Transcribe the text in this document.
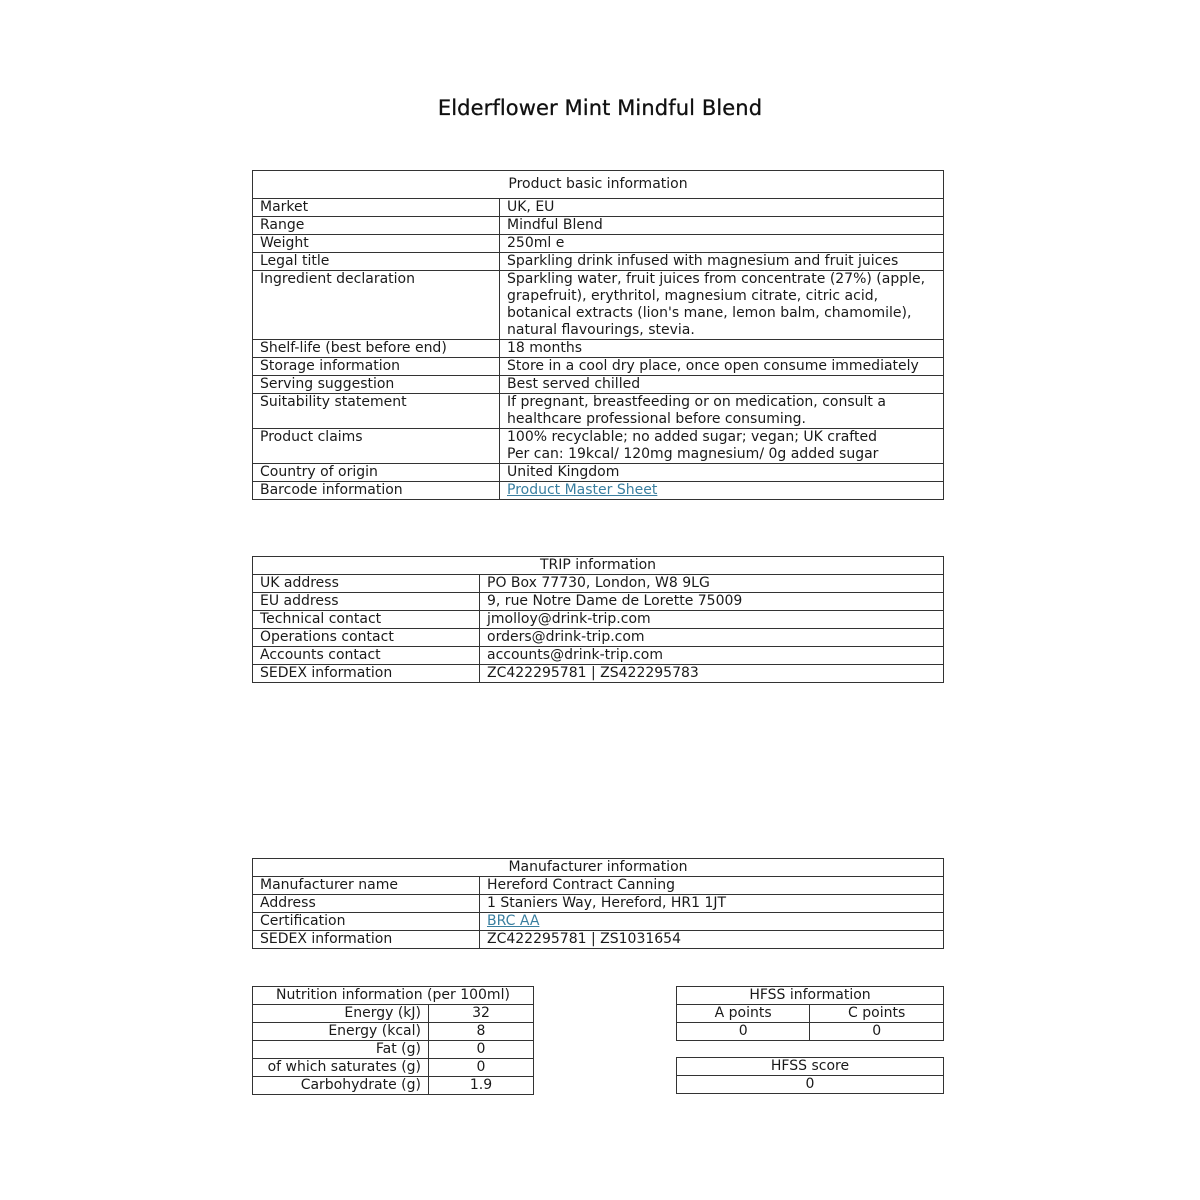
Elderflower Mint Mindful Blend
Product basic information	
Market	UK, EU
Range	Mindful Blend
Weight	250ml e
Legal title	Sparkling drink infused with magnesium and fruit juices
Ingredient declaration	Sparkling water, fruit juices from concentrate (27%) (apple, grapefruit), erythritol, magnesium citrate, citric acid, botanical extracts (lion's mane, lemon balm, chamomile), natural flavourings, stevia.
Shelf-life (best before end)	18 months
Storage information	Store in a cool dry place, once open consume immediately
Serving suggestion	Best served chilled
Suitability statement	If pregnant, breastfeeding or on medication, consult a healthcare professional before consuming.
Product claims	100% recyclable; no added sugar; vegan; UK crafted
Per can: 19kcal/ 120mg magnesium/ 0g added sugar

Country of origin	United Kingdom
Barcode information	Product Master Sheet
TRIP information	
UK address	PO Box 77730, London, W8 9LG
EU address	9, rue Notre Dame de Lorette 75009
Technical contact	jmolloy@drink-trip.com
Operations contact	orders@drink-trip.com
Accounts contact	accounts@drink-trip.com
SEDEX information	ZC422295781 | ZS422295783
Manufacturer information	
Manufacturer name	Hereford Contract Canning
Address	1 Staniers Way, Hereford, HR1 1JT
Certification	BRC AA
SEDEX information	ZC422295781 | ZS1031654
Nutrition information (per 100ml)	
Energy (kJ)	32
Energy (kcal)	8
Fat (g)	0
of which saturates (g)	0
Carbohydrate (g)	1.9
HFSS information	
A points	C points
0	0
HFSS score
0
